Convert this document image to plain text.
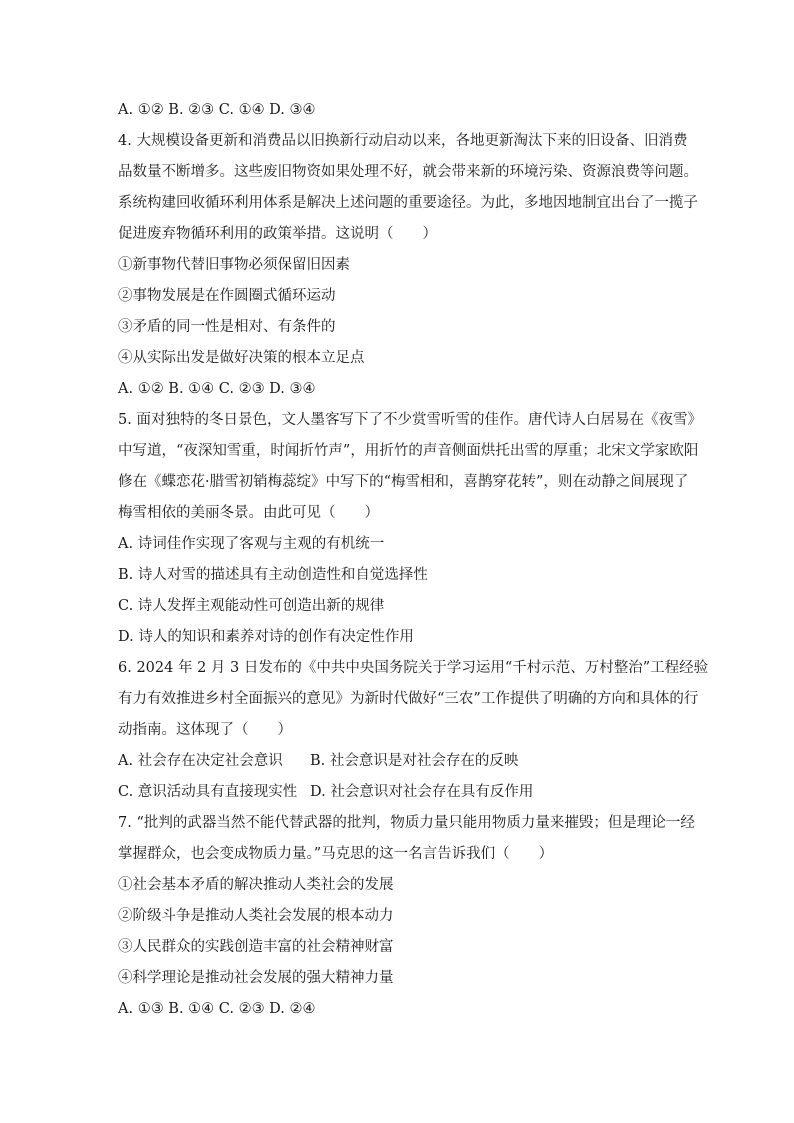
A. ①② B. ②③ C. ①④ D. ③④

4. 大规模设备更新和消费品以旧换新行动启动以来，各地更新淘汰下来的旧设备、旧消费

品数量不断增多。这些废旧物资如果处理不好，就会带来新的环境污染、资源浪费等问题。

系统构建回收循环利用体系是解决上述问题的重要途径。为此，多地因地制宜出台了一揽子

促进废弃物循环利用的政策举措。这说明（　　）

①新事物代替旧事物必须保留旧因素

②事物发展是在作圆圈式循环运动

③矛盾的同一性是相对、有条件的

④从实际出发是做好决策的根本立足点

A. ①② B. ①④ C. ②③ D. ③④

5. 面对独特的冬日景色，文人墨客写下了不少赏雪听雪的佳作。唐代诗人白居易在《夜雪》

中写道，“夜深知雪重，时闻折竹声”，用折竹的声音侧面烘托出雪的厚重；北宋文学家欧阳

修在《蝶恋花·腊雪初销梅蕊绽》中写下的“梅雪相和，喜鹊穿花转”，则在动静之间展现了

梅雪相依的美丽冬景。由此可见（　　）

A. 诗词佳作实现了客观与主观的有机统一

B. 诗人对雪的描述具有主动创造性和自觉选择性

C. 诗人发挥主观能动性可创造出新的规律

D. 诗人的知识和素养对诗的创作有决定性作用

6. 2024 年 2 月 3 日发布的《中共中央国务院关于学习运用“千村示范、万村整治”工程经验

有力有效推进乡村全面振兴的意见》为新时代做好“三农”工作提供了明确的方向和具体的行

动指南。这体现了（　　）

A. 社会存在决定社会意识 B. 社会意识是对社会存在的反映

C. 意识活动具有直接现实性 D. 社会意识对社会存在具有反作用

7. “批判的武器当然不能代替武器的批判，物质力量只能用物质力量来摧毁；但是理论一经

掌握群众，也会变成物质力量。”马克思的这一名言告诉我们（　　）

①社会基本矛盾的解决推动人类社会的发展

②阶级斗争是推动人类社会发展的根本动力

③人民群众的实践创造丰富的社会精神财富

④科学理论是推动社会发展的强大精神力量

A. ①③ B. ①④ C. ②③ D. ②④
